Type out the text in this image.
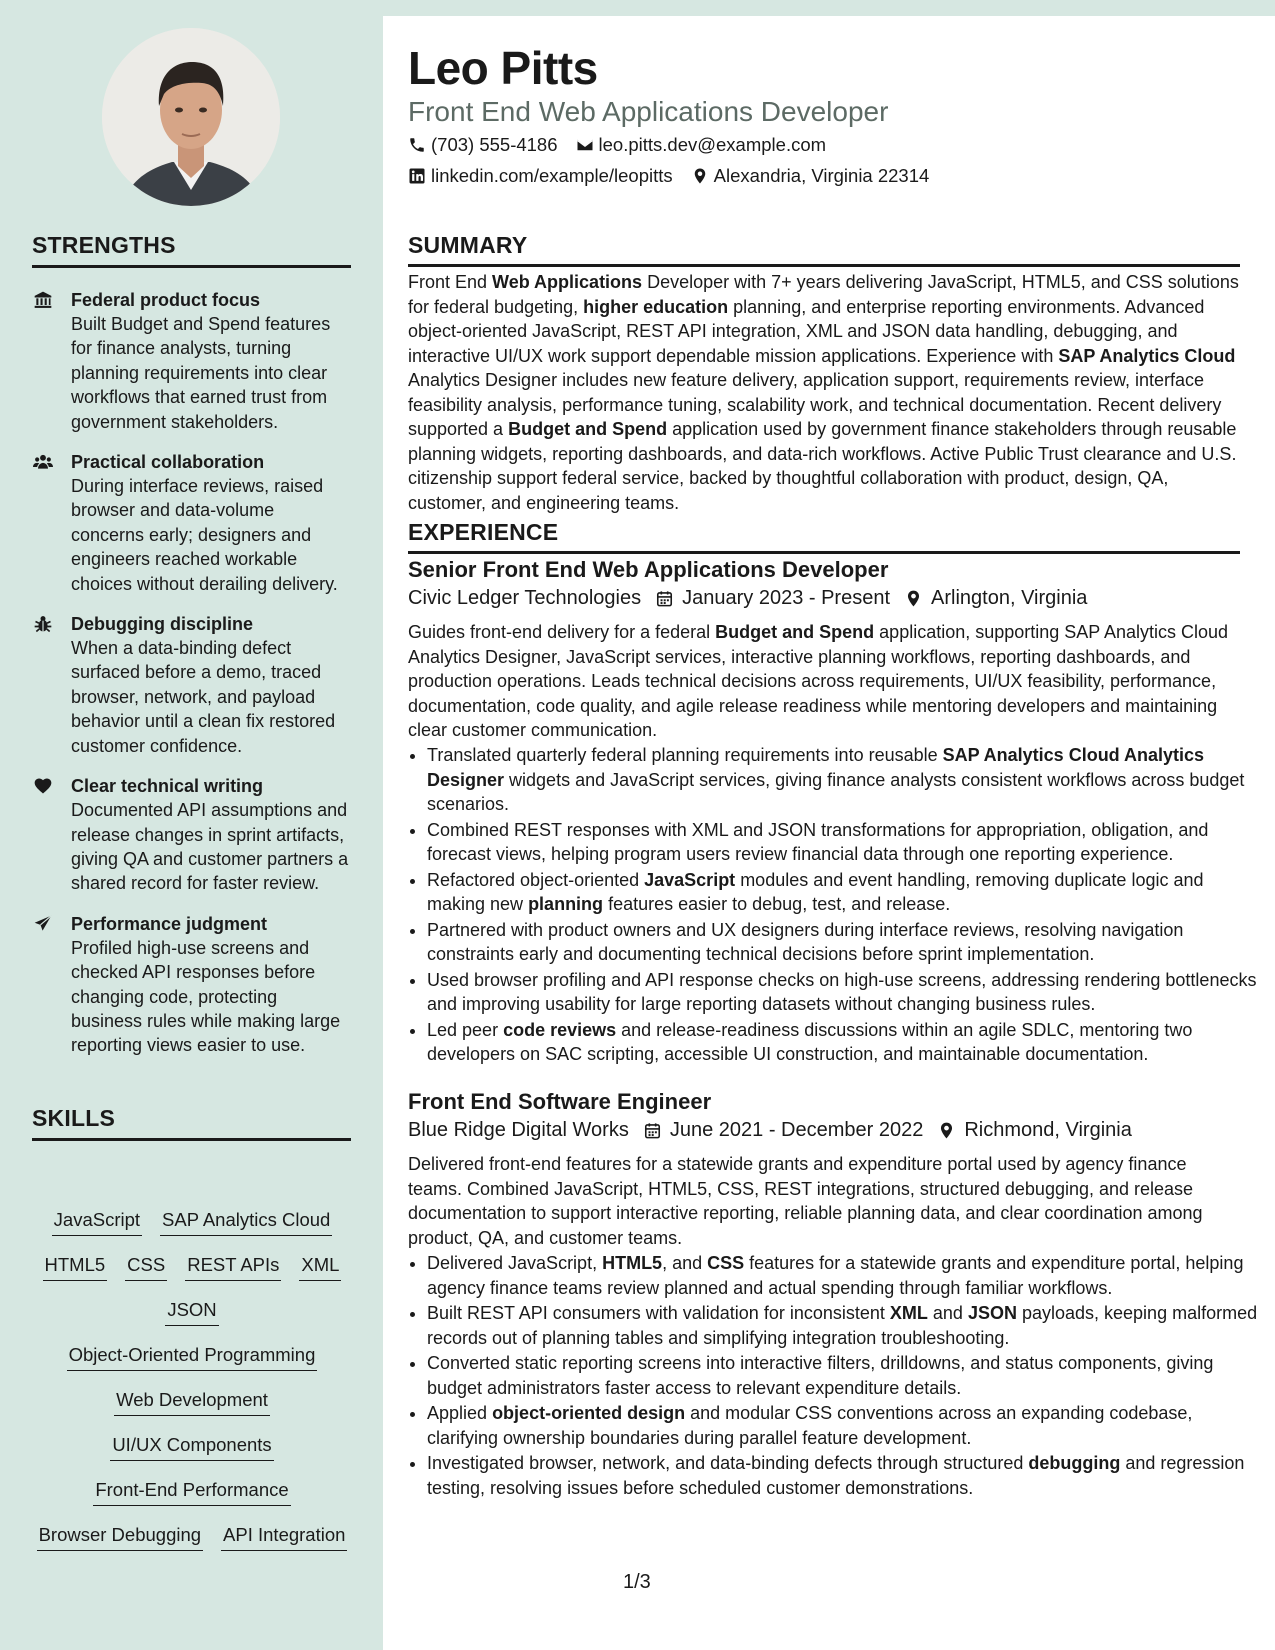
Leo Pitts
Front End Web Applications Developer
(703) 555-4186 leo.pitts.dev@example.com
linkedin.com/example/leopitts Alexandria, Virginia 22314
STRENGTHS
Federal product focus
Built Budget and Spend features for finance analysts, turning planning requirements into clear workflows that earned trust from government stakeholders.
Practical collaboration
During interface reviews, raised browser and data-volume concerns early; designers and engineers reached workable choices without derailing delivery.
Debugging discipline
When a data-binding defect surfaced before a demo, traced browser, network, and payload behavior until a clean fix restored customer confidence.
Clear technical writing
Documented API assumptions and release changes in sprint artifacts, giving QA and customer partners a shared record for faster review.
Performance judgment
Profiled high-use screens and checked API responses before changing code, protecting business rules while making large reporting views easier to use.
SKILLS
JavaScript SAP Analytics Cloud
HTML5 CSS REST APIs XML
JSON
Object-Oriented Programming
Web Development
UI/UX Components
Front-End Performance
Browser Debugging API Integration
SUMMARY
Front End Web Applications Developer with 7+ years delivering JavaScript, HTML5, and CSS solutions for federal budgeting, higher education planning, and enterprise reporting environments. Advanced object-oriented JavaScript, REST API integration, XML and JSON data handling, debugging, and interactive UI/UX work support dependable mission applications. Experience with SAP Analytics Cloud Analytics Designer includes new feature delivery, application support, requirements review, interface feasibility analysis, performance tuning, scalability work, and technical documentation. Recent delivery supported a Budget and Spend application used by government finance stakeholders through reusable planning widgets, reporting dashboards, and data-rich workflows. Active Public Trust clearance and U.S. citizenship support federal service, backed by thoughtful collaboration with product, design, QA, customer, and engineering teams.
EXPERIENCE
Senior Front End Web Applications Developer
Civic Ledger Technologies January 2023 - Present Arlington, Virginia
Guides front-end delivery for a federal Budget and Spend application, supporting SAP Analytics Cloud Analytics Designer, JavaScript services, interactive planning workflows, reporting dashboards, and production operations. Leads technical decisions across requirements, UI/UX feasibility, performance, documentation, code quality, and agile release readiness while mentoring developers and maintaining clear customer communication.
• Translated quarterly federal planning requirements into reusable SAP Analytics Cloud Analytics Designer widgets and JavaScript services, giving finance analysts consistent workflows across budget scenarios.
• Combined REST responses with XML and JSON transformations for appropriation, obligation, and forecast views, helping program users review financial data through one reporting experience.
• Refactored object-oriented JavaScript modules and event handling, removing duplicate logic and making new planning features easier to debug, test, and release.
• Partnered with product owners and UX designers during interface reviews, resolving navigation constraints early and documenting technical decisions before sprint implementation.
• Used browser profiling and API response checks on high-use screens, addressing rendering bottlenecks and improving usability for large reporting datasets without changing business rules.
• Led peer code reviews and release-readiness discussions within an agile SDLC, mentoring two developers on SAC scripting, accessible UI construction, and maintainable documentation.
Front End Software Engineer
Blue Ridge Digital Works June 2021 - December 2022 Richmond, Virginia
Delivered front-end features for a statewide grants and expenditure portal used by agency finance teams. Combined JavaScript, HTML5, CSS, REST integrations, structured debugging, and release documentation to support interactive reporting, reliable planning data, and clear coordination among product, QA, and customer teams.
• Delivered JavaScript, HTML5, and CSS features for a statewide grants and expenditure portal, helping agency finance teams review planned and actual spending through familiar workflows.
• Built REST API consumers with validation for inconsistent XML and JSON payloads, keeping malformed records out of planning tables and simplifying integration troubleshooting.
• Converted static reporting screens into interactive filters, drilldowns, and status components, giving budget administrators faster access to relevant expenditure details.
• Applied object-oriented design and modular CSS conventions across an expanding codebase, clarifying ownership boundaries during parallel feature development.
• Investigated browser, network, and data-binding defects through structured debugging and regression testing, resolving issues before scheduled customer demonstrations.
1/3
